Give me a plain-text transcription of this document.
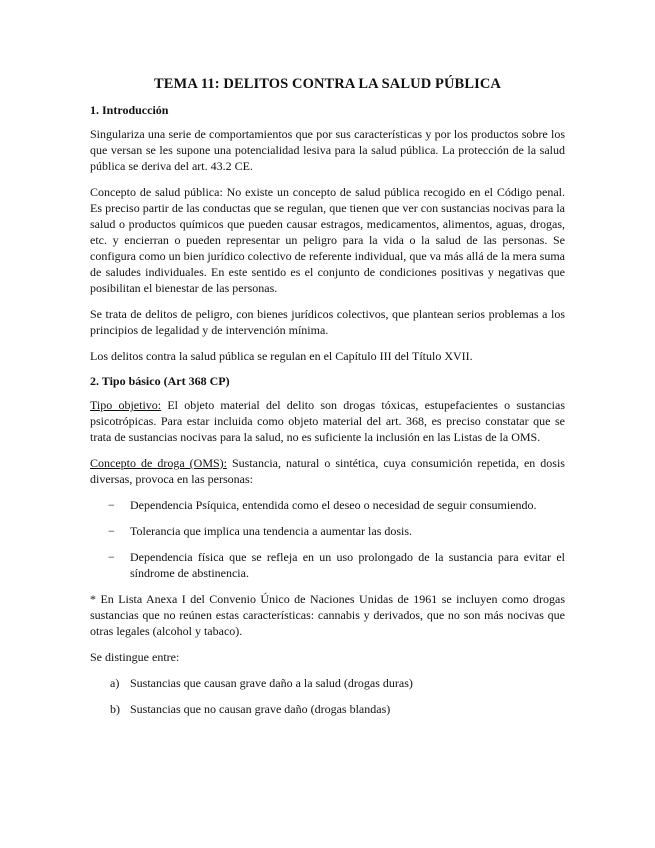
TEMA 11: DELITOS CONTRA LA SALUD PÚBLICA
1. Introducción

Singulariza una serie de comportamientos que por sus características y por los productos sobre los que versan se les supone una potencialidad lesiva para la salud pública. La protección de la salud pública se deriva del art. 43.2 CE.

Concepto de salud pública: No existe un concepto de salud pública recogido en el Código penal. Es preciso partir de las conductas que se regulan, que tienen que ver con sustancias nocivas para la salud o productos químicos que pueden causar estragos, medicamentos, alimentos, aguas, drogas, etc. y encierran o pueden representar un peligro para la vida o la salud de las personas. Se configura como un bien jurídico colectivo de referente individual, que va más allá de la mera suma de saludes individuales. En este sentido es el conjunto de condiciones positivas y negativas que posibilitan el bienestar de las personas.

Se trata de delitos de peligro, con bienes jurídicos colectivos, que plantean serios problemas a los principios de legalidad y de intervención mínima.

Los delitos contra la salud pública se regulan en el Capítulo III del Título XVII.

2. Tipo básico (Art 368 CP)

Tipo objetivo: El objeto material del delito son drogas tóxicas, estupefacientes o sustancias psicotrópicas. Para estar incluida como objeto material del art. 368, es preciso constatar que se trata de sustancias nocivas para la salud, no es suficiente la inclusión en las Listas de la OMS.

Concepto de droga (OMS): Sustancia, natural o sintética, cuya consumición repetida, en dosis diversas, provoca en las personas:

− Dependencia Psíquica, entendida como el deseo o necesidad de seguir consumiendo.
− Tolerancia que implica una tendencia a aumentar las dosis.
− Dependencia física que se refleja en un uso prolongado de la sustancia para evitar el síndrome de abstinencia.

* En Lista Anexa I del Convenio Único de Naciones Unidas de 1961 se incluyen como drogas sustancias que no reúnen estas características: cannabis y derivados, que no son más nocivas que otras legales (alcohol y tabaco).

Se distingue entre:

a) Sustancias que causan grave daño a la salud (drogas duras)
b) Sustancias que no causan grave daño (drogas blandas)
